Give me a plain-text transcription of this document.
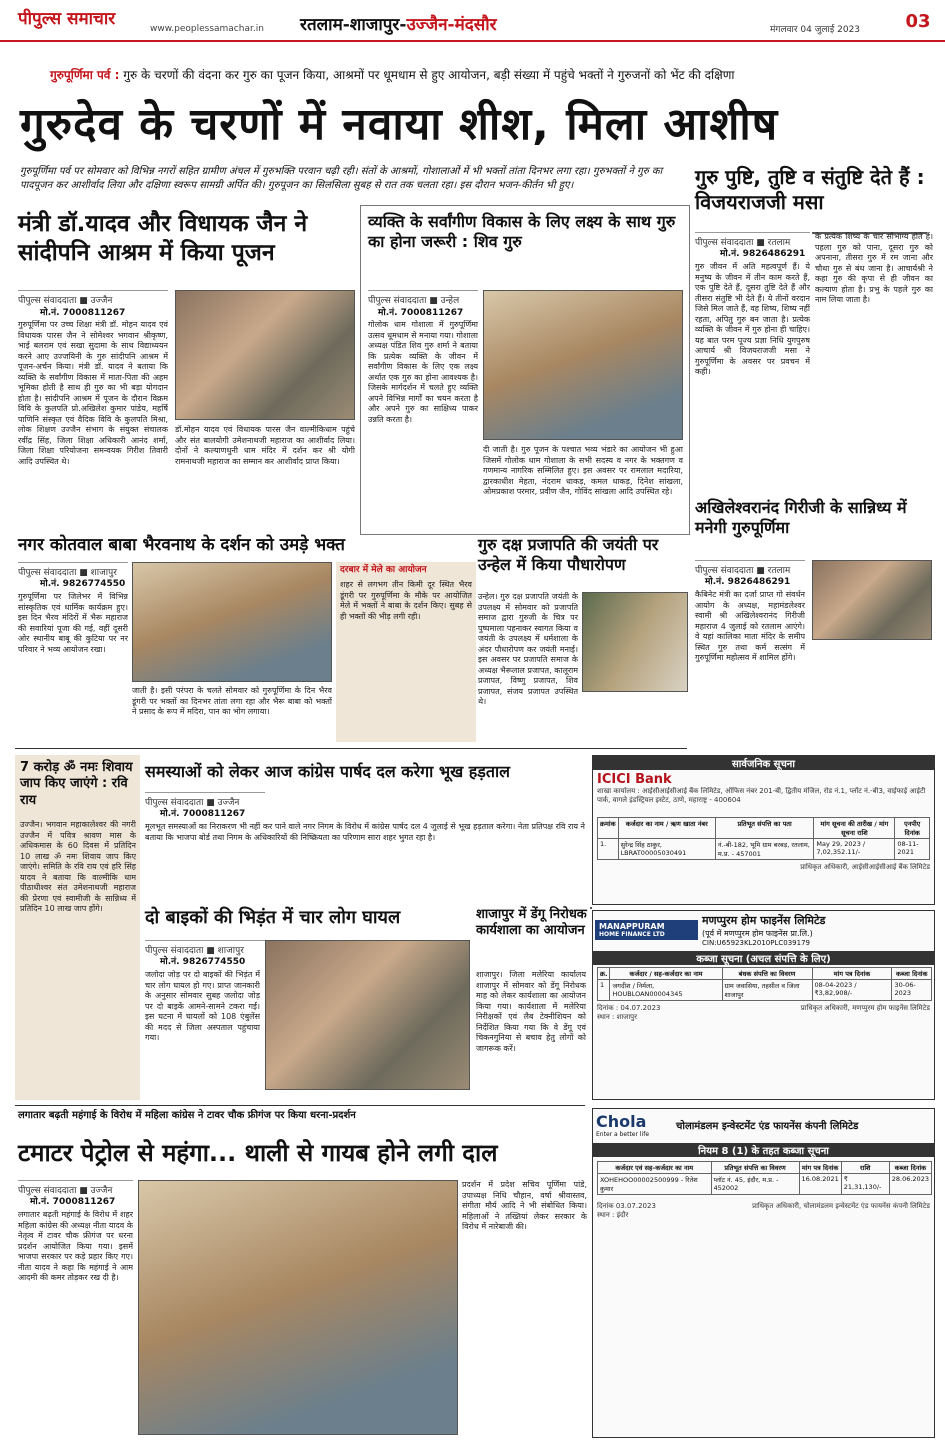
पीपुल्स समाचार	www.peoplessamachar.in रतलाम-शाजापुर-उज्जैन-मंदसौर	मंगलवार 04 जुलाई 2023	03
गुरुपूर्णिमा पर्व : गुरु के चरणों की वंदना कर गुरु का पूजन किया, आश्रमों पर धूमधाम से हुए आयोजन, बड़ी संख्या में पहुंचे भक्तों ने गुरुजनों को भेंट की दक्षिणा
गुरुदेव के चरणों में नवाया शीश, मिला आशीष
गुरुपूर्णिमा पर्व पर सोमवार को विभिन्न नगरों सहित ग्रामीण अंचल में गुरुभक्ति परवान चढ़ी रही। संतों के आश्रमों, गोशालाओं में भी भक्तों तांता दिनभर लगा रहा। गुरुभक्तों ने गुरु का पादपूजन कर आशीर्वाद लिया और दक्षिणा स्वरूप सामग्री अर्पित की। गुरुपूजन का सिलसिला सुबह से रात तक चलता रहा। इस दौरान भजन-कीर्तन भी हुए।	गुरु पुष्टि, तुष्टि व संतुष्टि देते हैं : विजयराजजी मसा
मंत्री डॉ.यादव और विधायक जैन ने सांदीपनि आश्रम में किया पूजन
पीपुल्स संवाददाता ■ उज्जैन
मो.नं. 7000811267
गुरुपूर्णिमा पर उच्च शिक्षा मंत्री डॉ. मोहन यादव एवं विधायक पारस जैन ने सोमेश्वर भगवान श्रीकृष्ण, भाई बलराम एवं सखा सुदामा के साथ विद्याध्ययन करने आए उज्जयिनी के गुरु सांदीपनि आश्रम में पूजन-अर्चन किया। मंत्री डॉ. यादव ने बताया कि व्यक्ति के सर्वांगीण विकास में माता-पिता की अहम भूमिका होती है साथ ही गुरु का भी बड़ा योगदान होता है। सांदीपनि आश्रम में पूजन के दौरान विक्रम विवि के कुलपति प्रो.अखिलेश कुमार पांडेय, महर्षि पाणिनि संस्कृत एवं वैदिक विवि के कुलपति मिश्रा, लोक शिक्षण उज्जैन संभाग के संयुक्त संचालक रवींद्र सिंह, जिला शिक्षा अधिकारी आनंद शर्मा, जिला शिक्षा परियोजना समन्वयक गिरीश तिवारी आदि उपस्थित थे।
डॉ.मोहन यादव एवं विधायक पारस जैन वाल्मीकिधाम पहुंचे और संत बालयोगी उमेशनाथजी महाराज का आशीर्वाद लिया। दोनों ने कल्याणधुनी धाम मंदिर में दर्शन कर श्री योगी रामनाथजी महाराज का सम्मान कर आशीर्वाद प्राप्त किया।
व्यक्ति के सर्वांगीण विकास के लिए लक्ष्य के साथ गुरु का होना जरूरी : शिव गुरु
पीपुल्स संवाददाता ■ उन्हेल
मो.नं. 7000811267
गोलोक धाम गोशाला में गुरुपूर्णिमा उत्सव धूमधाम से मनाया गया। गोशाला अध्यक्ष पंडित शिव गुरु शर्मा ने बताया कि प्रत्येक व्यक्ति के जीवन में सर्वांगीण विकास के लिए एक लक्ष्य अर्थात एक गुरु का होना आवश्यक है। जिसके मार्गदर्शन में चलते हुए व्यक्ति अपने विभिन्न मार्गों का चयन करता है और अपने गुरु का साक्षिध्य पाकर उन्नति करता है।
दी जाती है। गुरु पूजन के पश्चात भव्य भंडारे का आयोजन भी हुआ जिसमें गोलोक धाम गोशाला के सभी सदस्य व नगर के भक्तगण व गणमान्य नागरिक सम्मिलित हुए। इस अवसर पर रामलाल मदारिया, द्वारकाधीश मेहता, नंदराम धाकड़, कमल धाकड़, दिनेश सांखला, ओमप्रकाश परमार, प्रवीण जैन, गोविंद सांखला आदि उपस्थित रहे।
पीपुल्स संवाददाता ■ रतलाम
मो.नं. 9826486291
गुरु जीवन में अति महत्वपूर्ण हैं। ये मनुष्य के जीवन में तीन काम करते हैं, एक पुष्टि देते हैं, दूसरा तुष्टि देते हैं और तीसरा संतुष्टि भी देते हैं। ये तीनों वरदान जिसे मिल जाते हैं, वह शिष्य, शिष्य नहीं रहता, अपितु गुरु बन जाता है। प्रत्येक व्यक्ति के जीवन में गुरु होना ही चाहिए। यह बात परम पूज्य प्रज्ञा निधि युगपुरुष आचार्य श्री विजयराजजी मसा ने गुरुपूर्णिमा के अवसर पर प्रवचन में कही।
के प्रत्येक शिष्य के चार सौभाग्य होते हैं। पहला गुरु को पाना, दूसरा गुरु को अपनाना, तीसरा गुरु में रम जाना और चौथा गुरु से बंध जाना है। आचार्यश्री ने कहा गुरु की कृपा से ही जीवन का कल्याण होता है। प्रभु के पहले गुरु का नाम लिया जाता है।
अखिलेश्वरानंद गिरीजी के सान्निध्य में मनेगी गुरुपूर्णिमा
पीपुल्स संवाददाता ■ रतलाम
मो.नं. 9826486291
कैबिनेट मंत्री का दर्जा प्राप्त गो संवर्धन आयोग के अध्यक्ष, महामंडलेश्वर स्वामी श्री अखिलेश्वरानंद गिरीजी महाराज 4 जुलाई को रतलाम आएंगे। वे यहां कालिका माता मंदिर के समीप स्थित गुरु तथा कर्म सत्संग में गुरुपूर्णिमा महोत्सव में शामिल होंगे।
नगर कोतवाल बाबा भैरवनाथ के दर्शन को उमड़े भक्त
पीपुल्स संवाददाता ■ शाजापुर
मो.नं. 9826774550
गुरुपूर्णिमा पर जिलेभर में विभिन्न सांस्कृतिक एवं धार्मिक कार्यक्रम हुए। इस दिन भैरव मंदिरों में भैरू महाराज की सवारियां पूजा की गई, वहीं दूसरी ओर स्थानीय बाबू की कुटिया पर नर परिवार ने भव्य आयोजन रखा।
जाती है। इसी परंपरा के चलते सोमवार को गुरुपूर्णिमा के दिन भैरव डूंगरी पर भक्तों का दिनभर तांता लगा रहा और भैरू बाबा को भक्तों ने प्रसाद के रूप में मदिरा, पान का भोग लगाया।
दरबार में मेले का आयोजन
शहर से लगभग तीन किमी दूर स्थित भैरव डूंगरी पर गुरुपूर्णिमा के मौके पर आयोजित मेले में भक्तों ने बाबा के दर्शन किए। सुबह से ही भक्तों की भीड़ लगी रही।
गुरु दक्ष प्रजापति की जयंती पर उन्हेल में किया पौधारोपण
उन्हेल। गुरु दक्ष प्रजापति जयंती के उपलक्ष्य में सोमवार को प्रजापति समाज द्वारा गुरुजी के चित्र पर पुष्पमाला पहनाकर स्वागत किया व जयंती के उपलक्ष्य में धर्मशाला के अंदर पौधारोपण कर जयंती मनाई। इस अवसर पर प्रजापति समाज के अध्यक्ष भैरूलाल प्रजापत, कालूराम प्रजापत, विष्णु प्रजापत, शिव प्रजापत, संजय प्रजापत उपस्थित थे।
7 करोड़ ॐ नमः शिवाय जाप किए जाएंगे : रवि राय
उज्जैन। भगवान महाकालेश्वर की नगरी उज्जैन में पवित्र श्रावण मास के अधिकमास के 60 दिवस में प्रतिदिन 10 लाख ॐ नमः शिवाय जाप किए जाएंगे। समिति के रवि राय एवं हरि सिंह यादव ने बताया कि वाल्मीकि धाम पीठाधीश्वर संत उमेशनाथजी महाराज की प्रेरणा एवं स्वामीजी के सान्निध्य में प्रतिदिन 10 लाख जाप होंगे।
समस्याओं को लेकर आज कांग्रेस पार्षद दल करेगा भूख हड़ताल
पीपुल्स संवाददाता ■ उज्जैन
मो.नं. 7000811267
मूलभूत समस्याओं का निराकरण भी नहीं कर पाने वाले नगर निगम के विरोध में कांग्रेस पार्षद दल 4 जुलाई से भूख हड़ताल करेगा। नेता प्रतिपक्ष रवि राय ने बताया कि भाजपा बोर्ड तथा निगम के अधिकारियों की निष्क्रियता का परिणाम सारा शहर भुगत रहा है।
दो बाइकों की भिड़ंत में चार लोग घायल
पीपुल्स संवाददाता ■ शाजापुर
मो.नं. 9826774550
जलोदा जोड़ पर दो बाइकों की भिड़ंत में चार लोग घायल हो गए। प्राप्त जानकारी के अनुसार सोमवार सुबह जलोदा जोड़ पर दो बाइकें आमने-सामने टकरा गईं। इस घटना में घायलों को 108 एंबुलेंस की मदद से जिला अस्पताल पहुंचाया गया।
शाजापुर में डेंगू निरोधक कार्यशाला का आयोजन
शाजापुर। जिला मलेरिया कार्यालय शाजापुर में सोमवार को डेंगू निरोधक माह को लेकर कार्यशाला का आयोजन किया गया। कार्यशाला में मलेरिया निरीक्षकों एवं लैब टेक्नीशियन को निर्देशित किया गया कि वे डेंगू एवं चिकनगुनिया से बचाव हेतु लोगों को जागरूक करें।
सार्वजनिक सूचना
ICICI Bank
शाखा कार्यालय : आईसीआईसीआई बैंक लिमिटेड, ऑफिस नंबर 201-बी, द्वितीय मंजिल, रोड नं.1, प्लॉट नं.-बी3, वाईफाई आईटी पार्क, वागले इंडस्ट्रियल इस्टेट, ठाणे, महाराष्ट्र - 400604
क्रमांक	कर्जदार का नाम / ऋण खाता नंबर	प्रतिभूत संपत्ति का पता	मांग सूचना की तारीख / मांग सूचना राशि	एनपीए दिनांक
1.	सुरेन्द्र सिंह ठाकुर, LBRAT00005030491	नं.-बी-182, भूमि ग्राम बरबड़, रतलाम, म.प्र. - 457001	May 29, 2023 / 7,02,352.11/-	08-11-2021
प्राधिकृत अधिकारी, आईसीआईसीआई बैंक लिमिटेड
MANAPPURAM
HOME FINANCE LTD
मणप्पुरम होम फाइनेंस लिमिटेड
(पूर्व में मणप्पुरम होम फाइनेंस प्रा.लि.)
CIN:U65923KL2010PLC039179
कब्जा सूचना (अचल संपत्ति के लिए)
क्र.	कर्जदार / सह-कर्जदार का नाम	बंधक संपत्ति का विवरण	मांग पत्र दिनांक	कब्जा दिनांक
1	जगदीश / निर्मला, HOUBLOAN00004345	ग्राम जवासिया, तहसील व जिला शाजापुर	08-04-2023 / ₹3,82,908/-	30-06-2023
दिनांक : 04.07.2023
स्थान : शाजापुर
प्राधिकृत अधिकारी, मणप्पुरम होम फाइनेंस लिमिटेड
लगातार बढ़ती महंगाई के विरोध में महिला कांग्रेस ने टावर चौक फ्रीगंज पर किया धरना-प्रदर्शन
टमाटर पेट्रोल से महंगा... थाली से गायब होने लगी दाल
पीपुल्स संवाददाता ■ उज्जैन
मो.नं. 7000811267
लगातार बढ़ती महंगाई के विरोध में शहर महिला कांग्रेस की अध्यक्ष नीता यादव के नेतृत्व में टावर चौक फ्रीगंज पर धरना प्रदर्शन आयोजित किया गया। इसमें भाजपा सरकार पर कड़े प्रहार किए गए। नीता यादव ने कहा कि महंगाई ने आम आदमी की कमर तोड़कर रख दी है।
प्रदर्शन में प्रदेश सचिव पूर्णिमा पांडे, उपाध्यक्ष निधि चौहान, वर्षा श्रीवास्तव, संगीता मौर्य आदि ने भी संबोधित किया। महिलाओं ने तख्तियां लेकर सरकार के विरोध में नारेबाजी की।
Chola
Enter a better life
चोलामंडलम इन्वेस्टमेंट एंड फायनेंस कंपनी लिमिटेड
नियम 8 (1) के तहत कब्जा सूचना
कर्जदार एवं सह-कर्जदार का नाम	प्रतिभूत संपत्ति का विवरण	मांग पत्र दिनांक	राशि	कब्जा दिनांक
XOHEHOO00002500999 - रितेश कुमार	प्लॉट नं. 45, इंदौर, म.प्र. - 452002	16.08.2021	₹ 21,31,130/-	28.06.2023
दिनांक 03.07.2023
स्थान : इंदौर
प्राधिकृत अधिकारी, चोलामंडलम इन्वेस्टमेंट एंड फायनेंस कंपनी लिमिटेड
